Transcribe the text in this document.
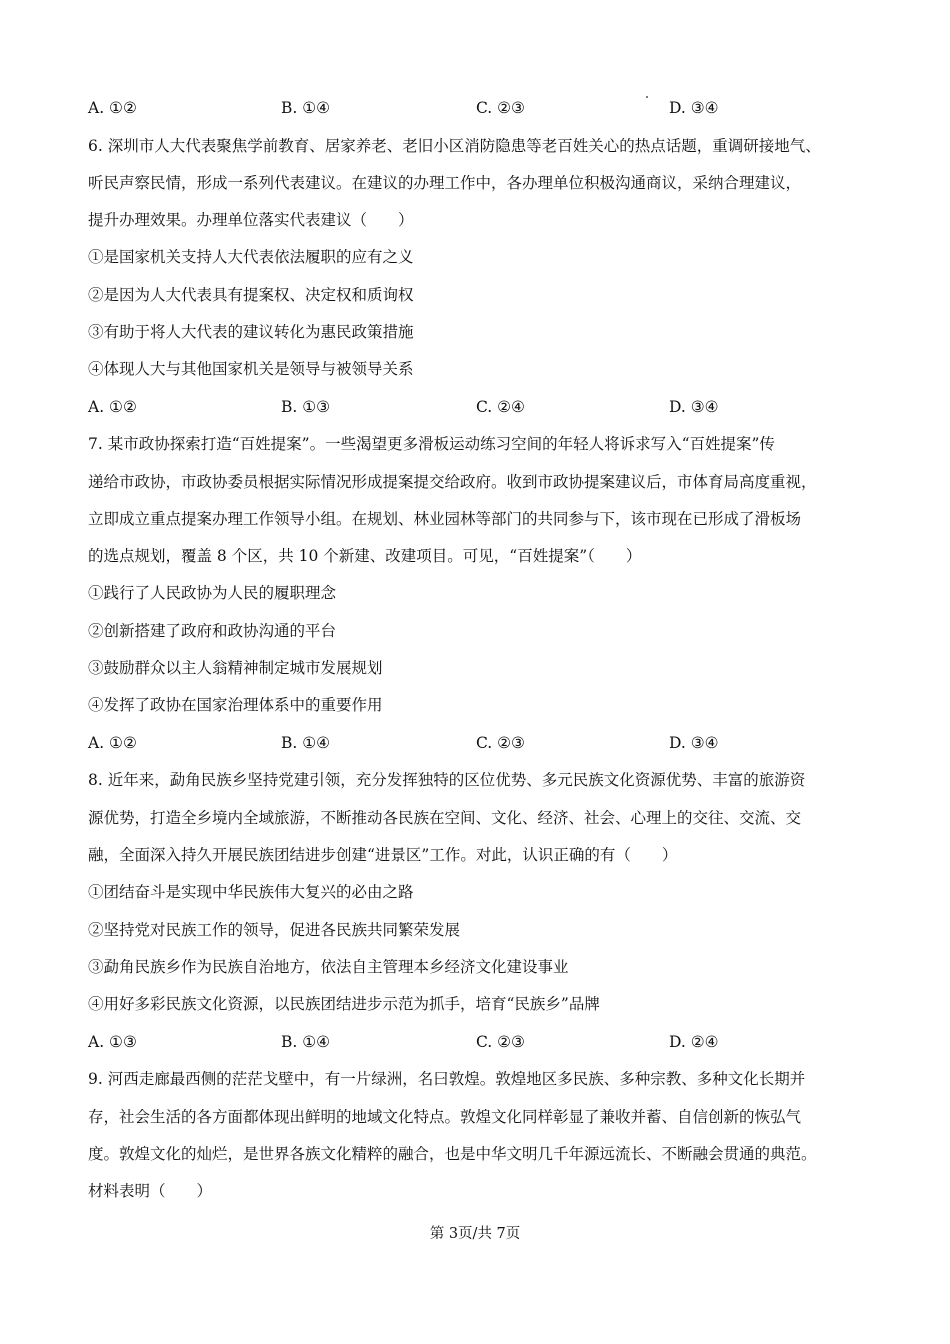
A. ①②	B. ①④	C. ②③	D. ③④
6. 深圳市人大代表聚焦学前教育、居家养老、老旧小区消防隐患等老百姓关心的热点话题，重调研接地气、
听民声察民情，形成一系列代表建议。在建议的办理工作中，各办理单位积极沟通商议，采纳合理建议，
提升办理效果。办理单位落实代表建议（　　）
①是国家机关支持人大代表依法履职的应有之义
②是因为人大代表具有提案权、决定权和质询权
③有助于将人大代表的建议转化为惠民政策措施
④体现人大与其他国家机关是领导与被领导关系
A. ①②	B. ①③	C. ②④	D. ③④
7. 某市政协探索打造“百姓提案”。一些渴望更多滑板运动练习空间的年轻人将诉求写入“百姓提案”传
递给市政协，市政协委员根据实际情况形成提案提交给政府。收到市政协提案建议后，市体育局高度重视，
立即成立重点提案办理工作领导小组。在规划、林业园林等部门的共同参与下，该市现在已形成了滑板场
的选点规划，覆盖 8 个区，共 10 个新建、改建项目。可见，“百姓提案”（　　）
①践行了人民政协为人民的履职理念
②创新搭建了政府和政协沟通的平台
③鼓励群众以主人翁精神制定城市发展规划
④发挥了政协在国家治理体系中的重要作用
A. ①②	B. ①④	C. ②③	D. ③④
8. 近年来，勐角民族乡坚持党建引领，充分发挥独特的区位优势、多元民族文化资源优势、丰富的旅游资
源优势，打造全乡境内全域旅游，不断推动各民族在空间、文化、经济、社会、心理上的交往、交流、交
融，全面深入持久开展民族团结进步创建“进景区”工作。对此，认识正确的有（　　）
①团结奋斗是实现中华民族伟大复兴的必由之路
②坚持党对民族工作的领导，促进各民族共同繁荣发展
③勐角民族乡作为民族自治地方，依法自主管理本乡经济文化建设事业
④用好多彩民族文化资源，以民族团结进步示范为抓手，培育“民族乡”品牌
A. ①③	B. ①④	C. ②③	D. ②④
9. 河西走廊最西侧的茫茫戈壁中，有一片绿洲，名曰敦煌。敦煌地区多民族、多种宗教、多种文化长期并
存，社会生活的各方面都体现出鲜明的地域文化特点。敦煌文化同样彰显了兼收并蓄、自信创新的恢弘气
度。敦煌文化的灿烂，是世界各族文化精粹的融合，也是中华文明几千年源远流长、不断融会贯通的典范。
材料表明（　　）
第 3页/共 7页
